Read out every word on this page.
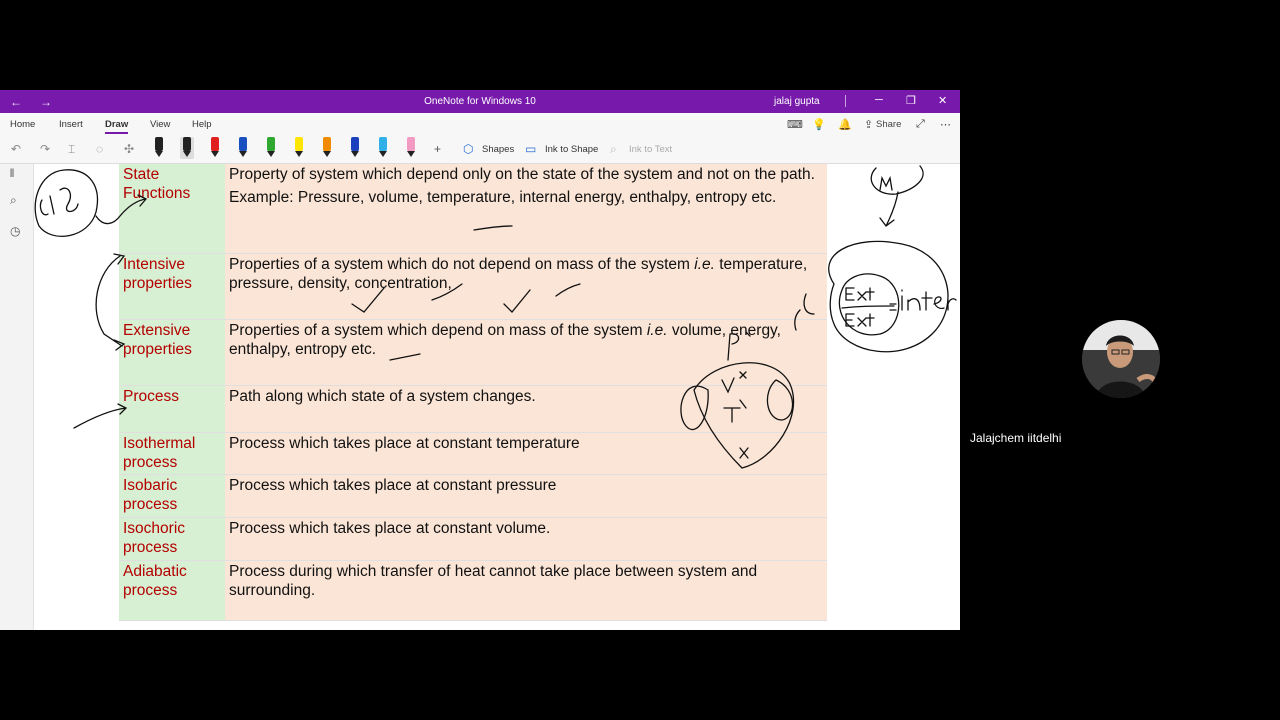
← →	OneNote for Windows 10	jalaj gupta	─ ❐ ✕
Home Insert Draw View Help	⌨ 💡 🔔 ⇪ Share ⤢ ⋯
↶ ↷ ⌶ ◌ ✣	+ ⬡ Shapes ▭ Ink to Shape ⌕ Ink to Text
𝍪
⌕
◷
State Functions	Property of system which depend only on the state of the system and not on the path.
Example: Pressure, volume, temperature, internal energy, enthalpy, entropy etc.

Intensive properties	Properties of a system which do not depend on mass of the system i.e. temperature, pressure, density, concentration,
Extensive properties	Properties of a system which depend on mass of the system i.e. volume, energy, enthalpy, entropy etc.
Process	Path along which state of a system changes.
Isothermal process	Process which takes place at constant temperature
Isobaric process	Process which takes place at constant pressure
Isochoric process	Process which takes place at constant volume.
Adiabatic process	Process during which transfer of heat cannot take place between system and surrounding.
Jalajchem iitdelhi
